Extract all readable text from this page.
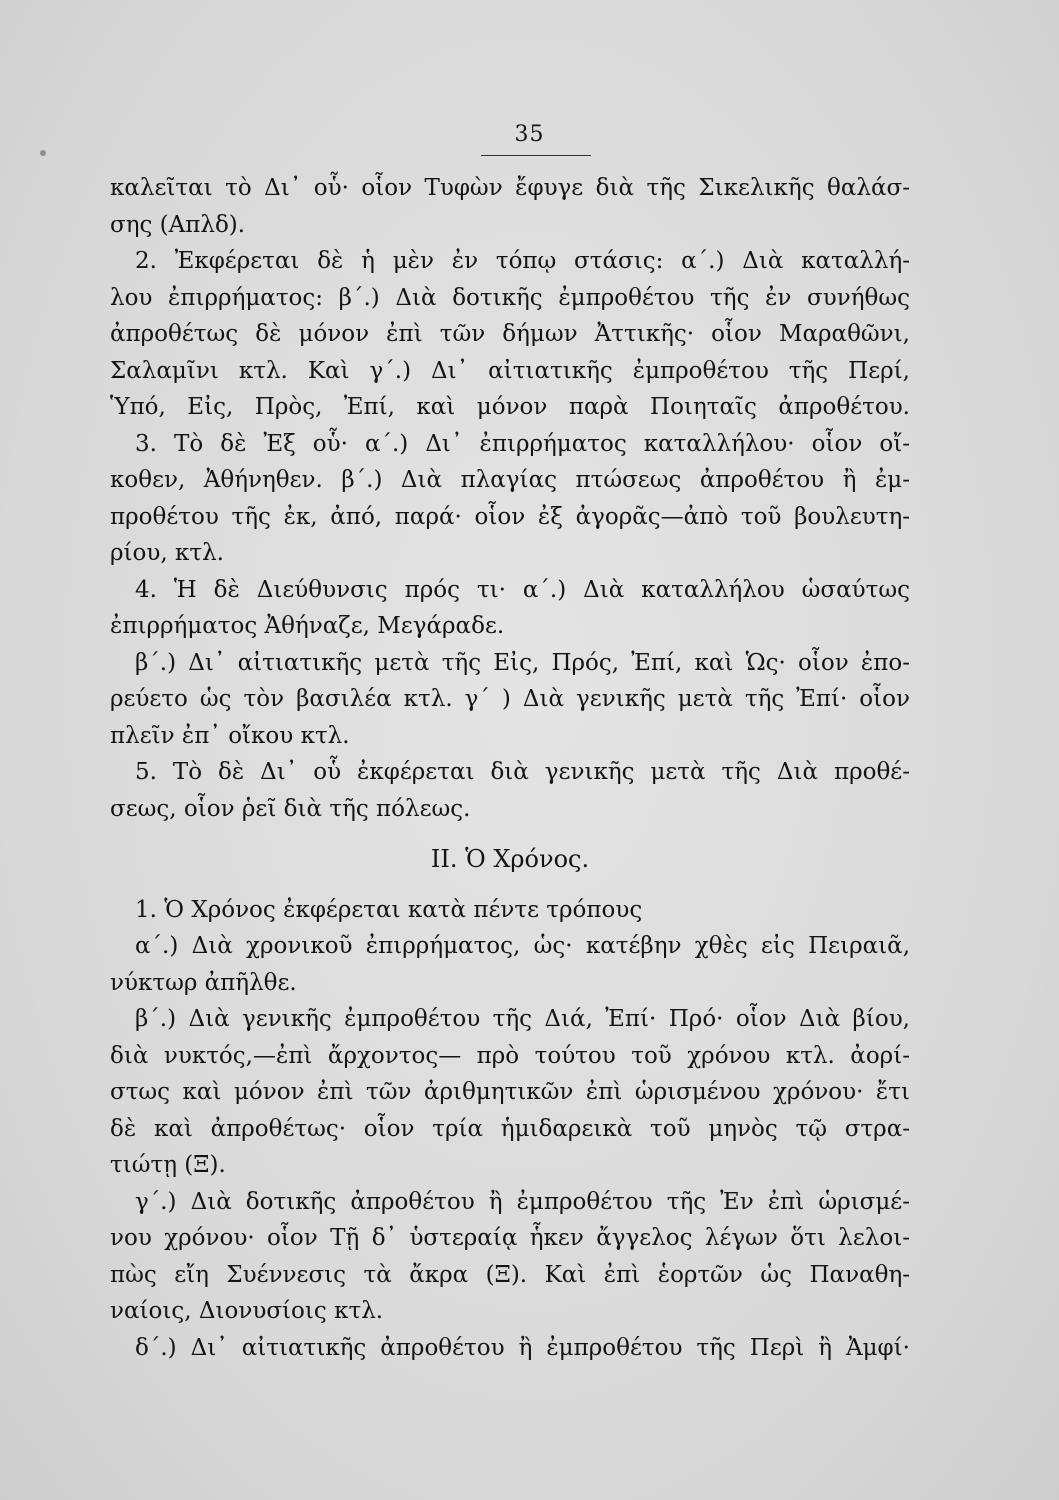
35
καλεῖται τὸ Δι᾿ οὗ· οἷον Τυφὼν ἔφυγε διὰ τῆς Σικελικῆς θαλάσ-
σης (Απλδ).
2. Ἐκφέρεται δὲ ἡ μὲν ἐν τόπῳ στάσις: α΄.) Διὰ καταλλή-
λου ἐπιρρήματος: β΄.) Διὰ δοτικῆς ἐμπροθέτου τῆς ἐν συνήθως
ἀπροθέτως δὲ μόνον ἐπὶ τῶν δήμων Ἀττικῆς· οἷον Μαραθῶνι,
Σαλαμῖνι κτλ. Καὶ γ΄.) Δι᾿ αἰτιατικῆς ἐμπροθέτου τῆς Περί,
Ὑπό, Εἰς, Πρὸς, Ἐπί, καὶ μόνον παρὰ Ποιηταῖς ἀπροθέτου.
3. Τὸ δὲ Ἐξ οὗ· α΄.) Δι᾿ ἐπιρρήματος καταλλήλου· οἷον οἴ-
κοθεν, Ἀθήνηθεν. β΄.) Διὰ πλαγίας πτώσεως ἀπροθέτου ἢ ἐμ-
προθέτου τῆς ἐκ, ἀπό, παρά· οἷον ἐξ ἀγορᾶς—ἀπὸ τοῦ βουλευτη-
ρίου, κτλ.
4. Ἡ δὲ Διεύθυνσις πρός τι· α΄.) Διὰ καταλλήλου ὡσαύτως
ἐπιρρήματος Ἀθήναζε, Μεγάραδε.
β΄.) Δι᾿ αἰτιατικῆς μετὰ τῆς Εἰς, Πρός, Ἐπί, καὶ Ὡς· οἷον ἐπο-
ρεύετο ὡς τὸν βασιλέα κτλ. γ΄ ) Διὰ γενικῆς μετὰ τῆς Ἐπί· οἷον
πλεῖν ἐπ᾿ οἴκου κτλ.
5. Τὸ δὲ Δι᾿ οὗ ἐκφέρεται διὰ γενικῆς μετὰ τῆς Διὰ προθέ-
σεως, οἷον ῥεῖ διὰ τῆς πόλεως.
II. Ὁ Χρόνος.
1. Ὁ Χρόνος ἐκφέρεται κατὰ πέντε τρόπους
α΄.) Διὰ χρονικοῦ ἐπιρρήματος, ὡς· κατέβην χθὲς εἰς Πειραιᾶ,
νύκτωρ ἀπῆλθε.
β΄.) Διὰ γενικῆς ἐμπροθέτου τῆς Διά, Ἐπί· Πρό· οἷον Διὰ βίου,
διὰ νυκτός,—ἐπὶ ἄρχοντος— πρὸ τούτου τοῦ χρόνου κτλ. ἀορί-
στως καὶ μόνον ἐπὶ τῶν ἀριθμητικῶν ἐπὶ ὡρισμένου χρόνου· ἔτι
δὲ καὶ ἀπροθέτως· οἷον τρία ἡμιδαρεικὰ τοῦ μηνὸς τῷ στρα-
τιώτῃ (Ξ).
γ΄.) Διὰ δοτικῆς ἀπροθέτου ἢ ἐμπροθέτου τῆς Ἐν ἐπὶ ὡρισμέ-
νου χρόνου· οἷον Τῇ δ᾿ ὑστεραίᾳ ἧκεν ἄγγελος λέγων ὅτι λελοι-
πὼς εἴη Συέννεσις τὰ ἄκρα (Ξ). Καὶ ἐπὶ ἑορτῶν ὡς Παναθη-
ναίοις, Διονυσίοις κτλ.
δ΄.) Δι᾿ αἰτιατικῆς ἀπροθέτου ἢ ἐμπροθέτου τῆς Περὶ ἢ Ἀμφί·
